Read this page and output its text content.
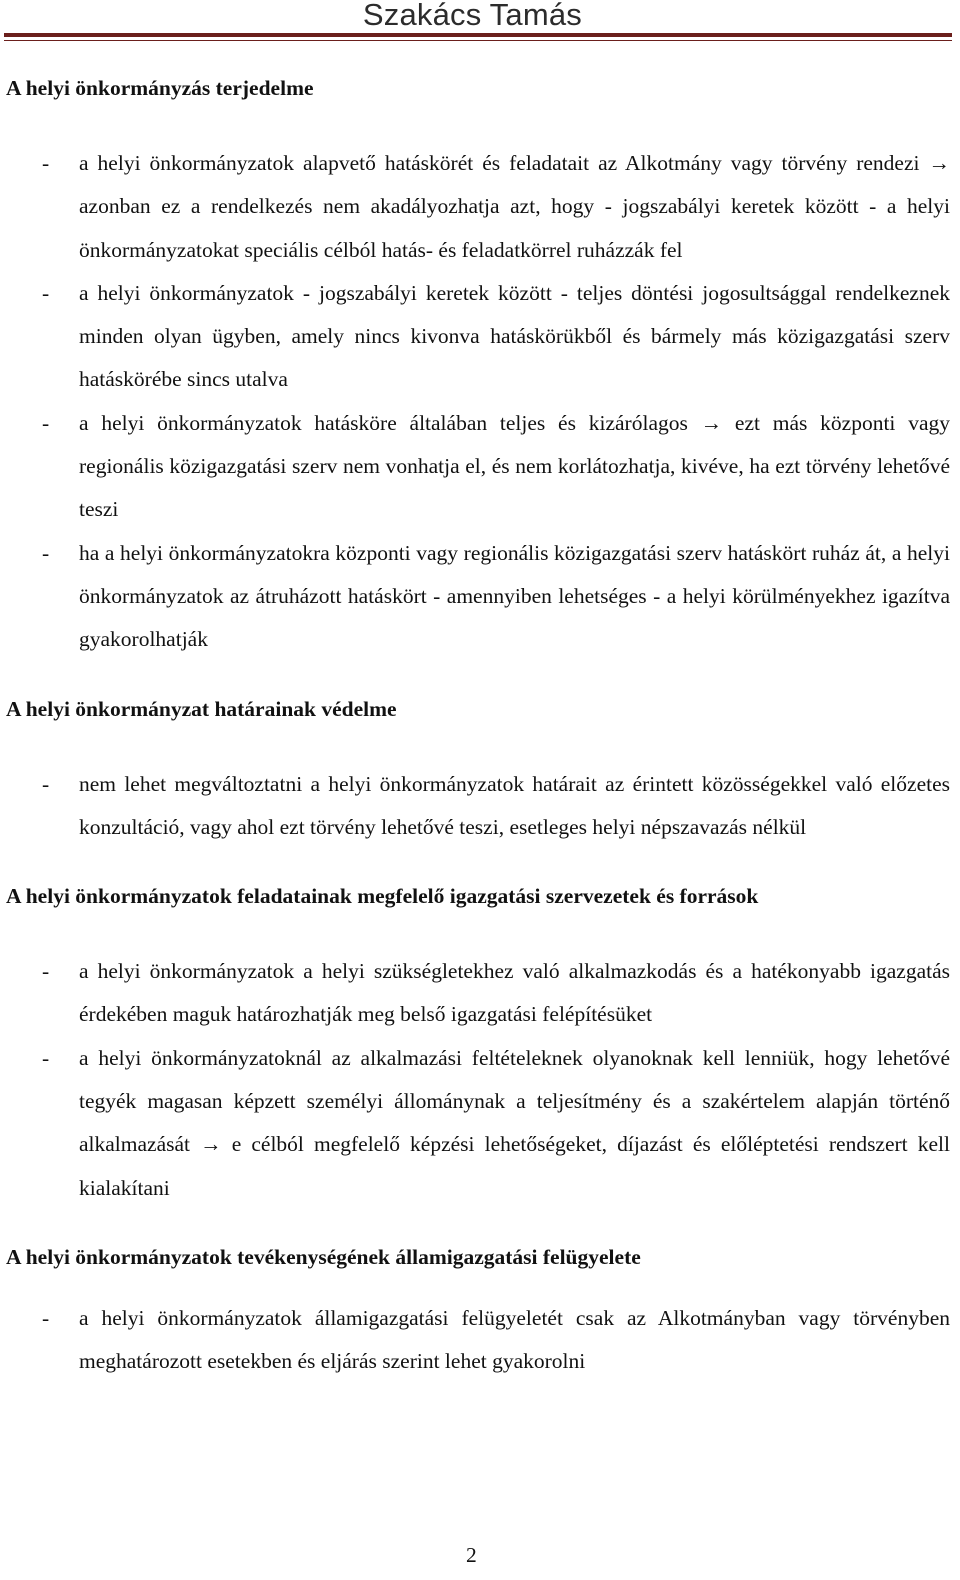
Szakács Tamás

A helyi önkormányzás terjedelme

- a helyi önkormányzatok alapvető hatáskörét és feladatait az Alkotmány vagy törvény rendezi → azonban ez a rendelkezés nem akadályozhatja azt, hogy - jogszabályi keretek között - a helyi önkormányzatokat speciális célból hatás- és feladatkörrel ruházzák fel

- a helyi önkormányzatok - jogszabályi keretek között - teljes döntési jogosultsággal rendelkeznek minden olyan ügyben, amely nincs kivonva hatáskörükből és bármely más közigazgatási szerv hatáskörébe sincs utalva

- a helyi önkormányzatok hatásköre általában teljes és kizárólagos → ezt más központi vagy regionális közigazgatási szerv nem vonhatja el, és nem korlátozhatja, kivéve, ha ezt törvény lehetővé teszi

- ha a helyi önkormányzatokra központi vagy regionális közigazgatási szerv hatáskört ruház át, a helyi önkormányzatok az átruházott hatáskört - amennyiben lehetséges - a helyi körülményekhez igazítva gyakorolhatják

A helyi önkormányzat határainak védelme

- nem lehet megváltoztatni a helyi önkormányzatok határait az érintett közösségekkel való előzetes konzultáció, vagy ahol ezt törvény lehetővé teszi, esetleges helyi népszavazás nélkül

A helyi önkormányzatok feladatainak megfelelő igazgatási szervezetek és források

- a helyi önkormányzatok a helyi szükségletekhez való alkalmazkodás és a hatékonyabb igazgatás érdekében maguk határozhatják meg belső igazgatási felépítésüket

- a helyi önkormányzatoknál az alkalmazási feltételeknek olyanoknak kell lenniük, hogy lehetővé tegyék magasan képzett személyi állománynak a teljesítmény és a szakértelem alapján történő alkalmazását → e célból megfelelő képzési lehetőségeket, díjazást és előléptetési rendszert kell kialakítani

A helyi önkormányzatok tevékenységének államigazgatási felügyelete

- a helyi önkormányzatok államigazgatási felügyeletét csak az Alkotmányban vagy törvényben meghatározott esetekben és eljárás szerint lehet gyakorolni

2
